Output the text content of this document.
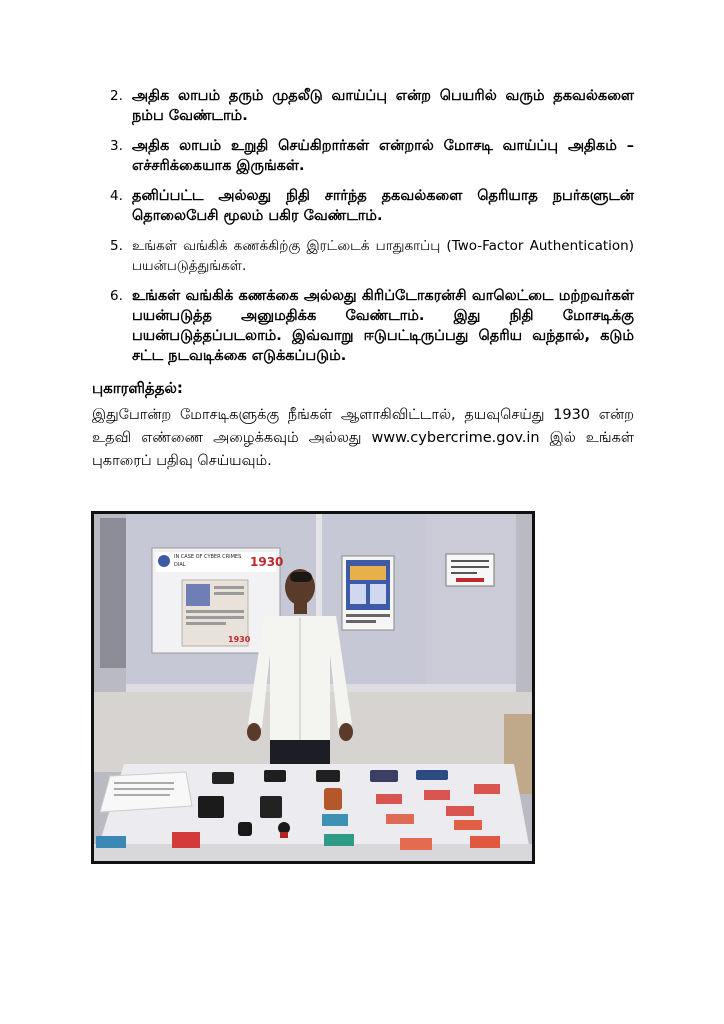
2. அதிக லாபம் தரும் முதலீடு வாய்ப்பு என்ற பெயரில் வரும் தகவல்களை நம்ப வேண்டாம்.
3. அதிக லாபம் உறுதி செய்கிறார்கள் என்றால் மோசடி வாய்ப்பு அதிகம் – எச்சரிக்கையாக இருங்கள்.
4. தனிப்பட்ட அல்லது நிதி சார்ந்த தகவல்களை தெரியாத நபர்களுடன் தொலைபேசி மூலம் பகிர வேண்டாம்.
5. உங்கள் வங்கிக் கணக்கிற்கு இரட்டைக் பாதுகாப்பு (Two-Factor Authentication) பயன்படுத்துங்கள்.
6. உங்கள் வங்கிக் கணக்கை அல்லது கிரிப்டோகரன்சி வாலெட்டை மற்றவர்கள் பயன்படுத்த அனுமதிக்க வேண்டாம். இது நிதி மோசடிக்கு பயன்படுத்தப்படலாம். இவ்வாறு ஈடுபட்டிருப்பது தெரிய வந்தால், கடும் சட்ட நடவடிக்கை எடுக்கப்படும்.
புகாரளித்தல்:
இதுபோன்ற மோசடிகளுக்கு நீங்கள் ஆளாகிவிட்டால், தயவுசெய்து 1930 என்ற உதவி எண்ணை அழைக்கவும் அல்லது www.cybercrime.gov.in இல் உங்கள் புகாரைப் பதிவு செய்யவும்.
IN CASE OF CYBER CRIMES
DIAL	1930
1930
